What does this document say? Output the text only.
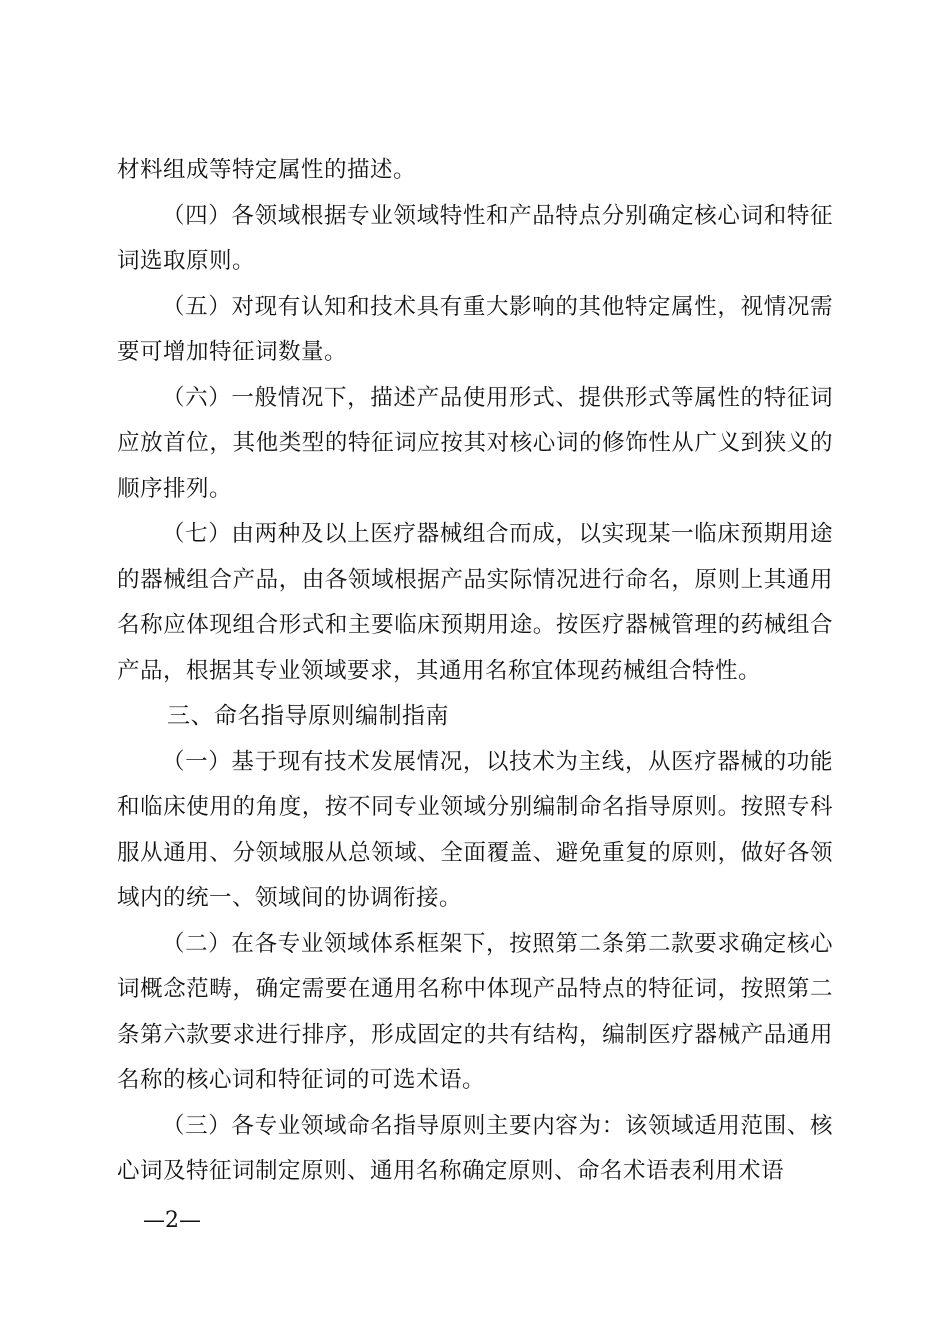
材料组成等特定属性的描述。

（四）各领域根据专业领域特性和产品特点分别确定核心词和特征词选取原则。

（五）对现有认知和技术具有重大影响的其他特定属性，视情况需要可增加特征词数量。

（六）一般情况下，描述产品使用形式、提供形式等属性的特征词应放首位，其他类型的特征词应按其对核心词的修饰性从广义到狭义的顺序排列。

（七）由两种及以上医疗器械组合而成，以实现某一临床预期用途的器械组合产品，由各领域根据产品实际情况进行命名，原则上其通用名称应体现组合形式和主要临床预期用途。按医疗器械管理的药械组合产品，根据其专业领域要求，其通用名称宜体现药械组合特性。

三、命名指导原则编制指南

（一）基于现有技术发展情况，以技术为主线，从医疗器械的功能和临床使用的角度，按不同专业领域分别编制命名指导原则。按照专科服从通用、分领域服从总领域、全面覆盖、避免重复的原则，做好各领域内的统一、领域间的协调衔接。

（二）在各专业领域体系框架下，按照第二条第二款要求确定核心词概念范畴，确定需要在通用名称中体现产品特点的特征词，按照第二条第六款要求进行排序，形成固定的共有结构，编制医疗器械产品通用名称的核心词和特征词的可选术语。

（三）各专业领域命名指导原则主要内容为：该领域适用范围、核心词及特征词制定原则、通用名称确定原则、命名术语表利用术语

—2—
